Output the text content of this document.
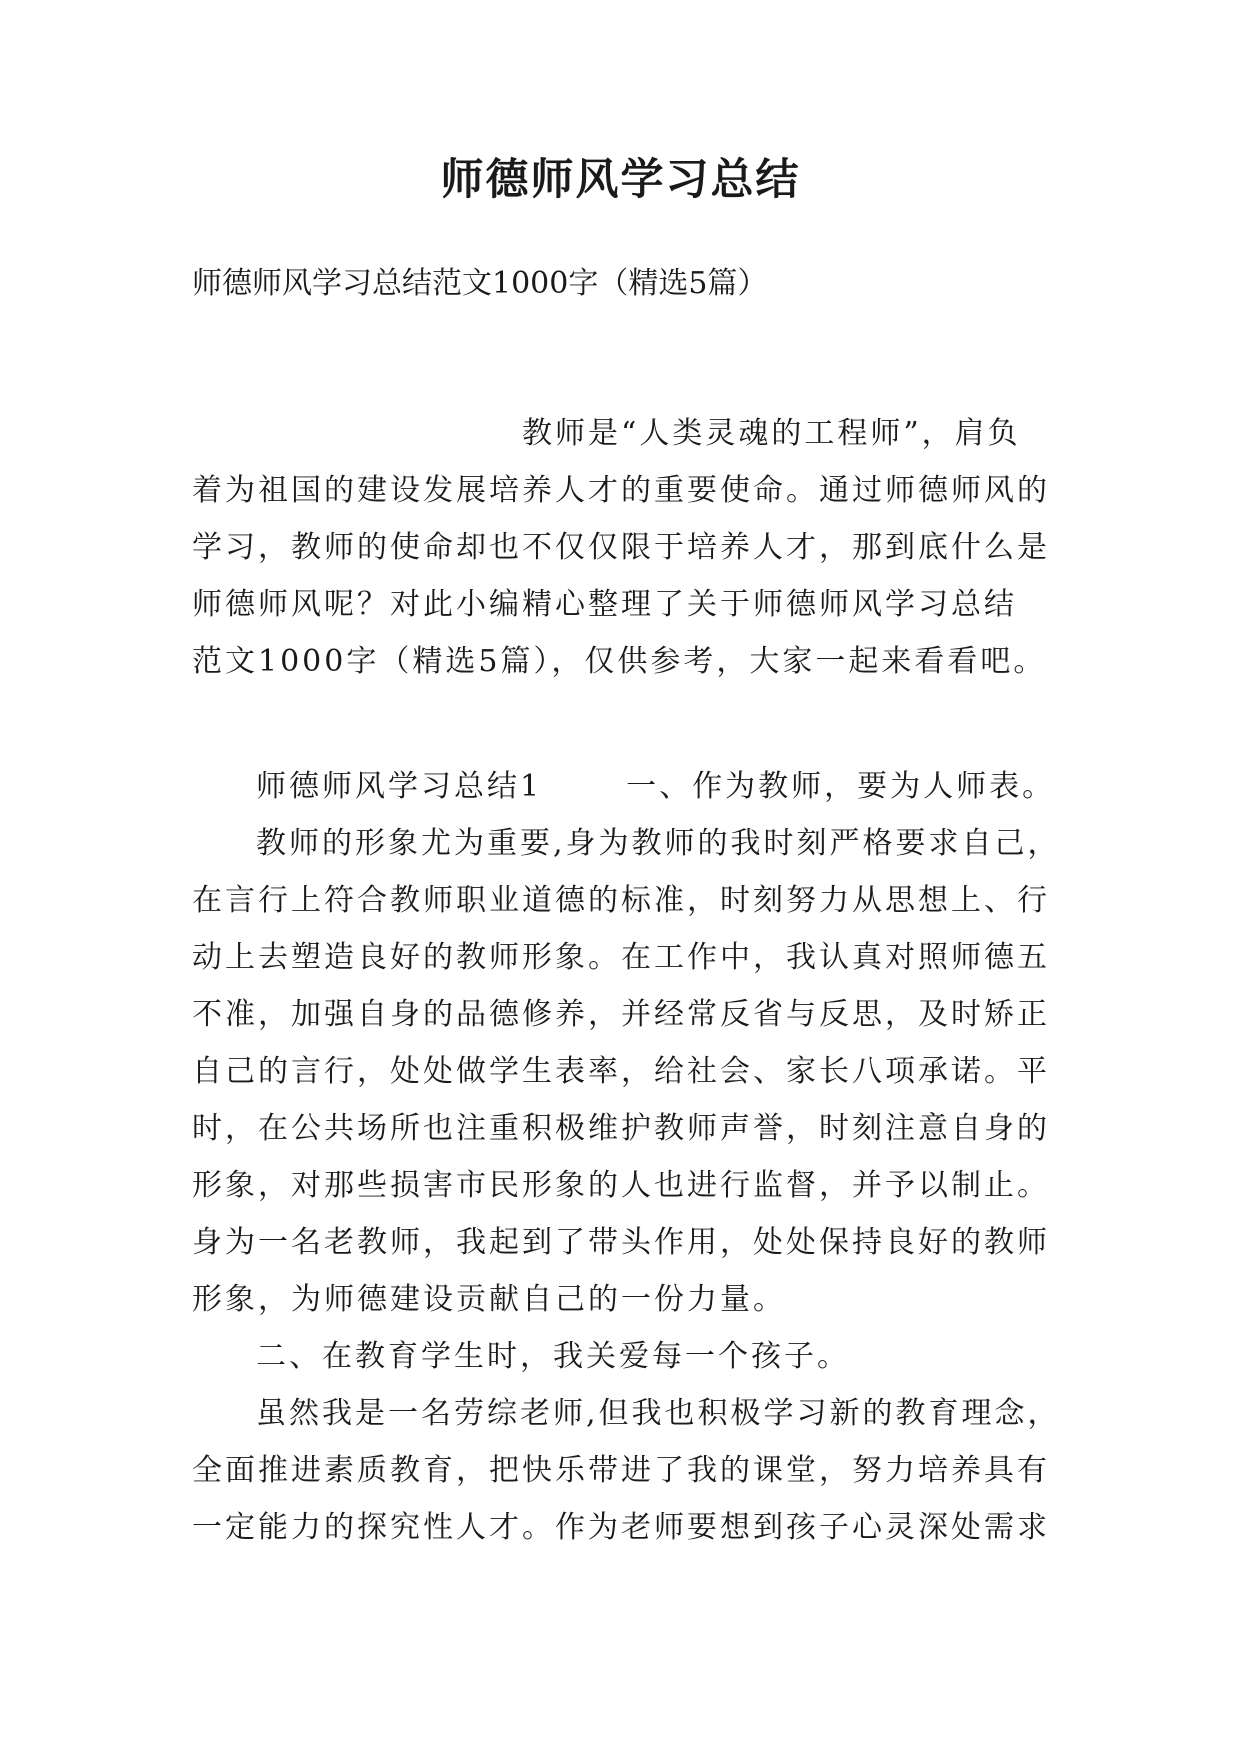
师德师风学习总结

师德师风学习总结范文1000字（精选5篇）

教师是“人类灵魂的工程师”，肩负

着为祖国的建设发展培养人才的重要使命。通过师德师风的

学习，教师的使命却也不仅仅限于培养人才，那到底什么是

师德师风呢？对此小编精心整理了关于师德师风学习总结

范文1000字（精选5篇），仅供参考，大家一起来看看吧。

师德师风学习总结1	一、作为教师，要为人师表。

教师的形象尤为重要,身为教师的我时刻严格要求自己，

在言行上符合教师职业道德的标准，时刻努力从思想上、行

动上去塑造良好的教师形象。在工作中，我认真对照师德五

不准，加强自身的品德修养，并经常反省与反思，及时矫正

自己的言行，处处做学生表率，给社会、家长八项承诺。平

时，在公共场所也注重积极维护教师声誉，时刻注意自身的

形象，对那些损害市民形象的人也进行监督，并予以制止。

身为一名老教师，我起到了带头作用，处处保持良好的教师

形象，为师德建设贡献自己的一份力量。

二、在教育学生时，我关爱每一个孩子。

虽然我是一名劳综老师,但我也积极学习新的教育理念，

全面推进素质教育，把快乐带进了我的课堂，努力培养具有

一定能力的探究性人才。作为老师要想到孩子心灵深处需求
